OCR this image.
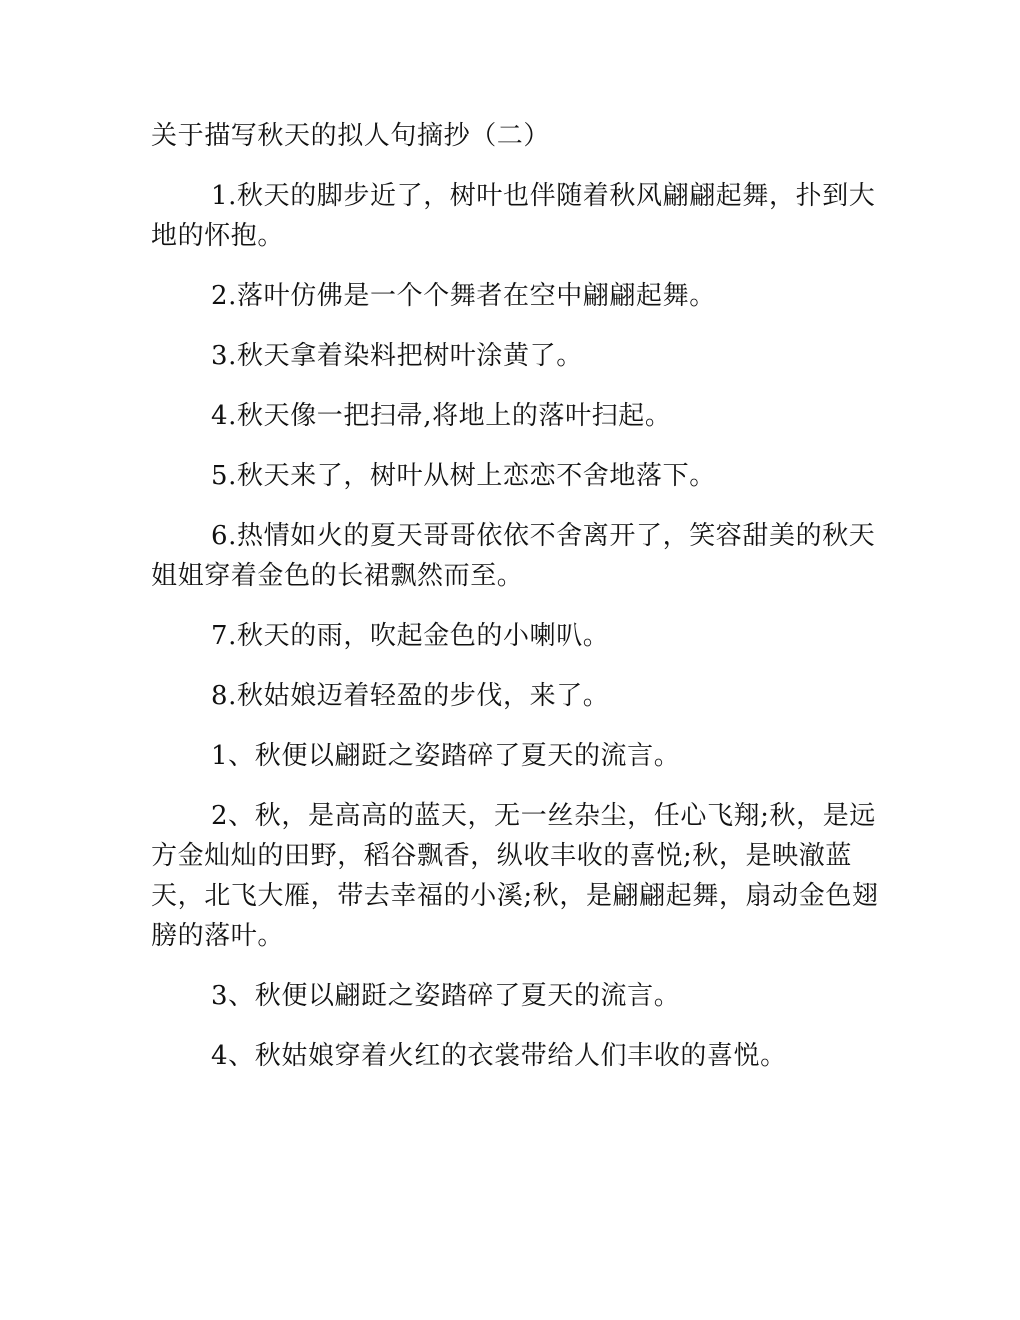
关于描写秋天的拟人句摘抄（二）

1.秋天的脚步近了，树叶也伴随着秋风翩翩起舞，扑到大地的怀抱。

2.落叶仿佛是一个个舞者在空中翩翩起舞。

3.秋天拿着染料把树叶涂黄了。

4.秋天像一把扫帚,将地上的落叶扫起。

5.秋天来了，树叶从树上恋恋不舍地落下。

6.热情如火的夏天哥哥依依不舍离开了，笑容甜美的秋天姐姐穿着金色的长裙飘然而至。

7.秋天的雨，吹起金色的小喇叭。

8.秋姑娘迈着轻盈的步伐，来了。

1、秋便以翩跹之姿踏碎了夏天的流言。

2、秋，是高高的蓝天，无一丝杂尘，任心飞翔;秋，是远方金灿灿的田野，稻谷飘香，纵收丰收的喜悦;秋，是映澈蓝天，北飞大雁，带去幸福的小溪;秋，是翩翩起舞，扇动金色翅膀的落叶。

3、秋便以翩跹之姿踏碎了夏天的流言。

4、秋姑娘穿着火红的衣裳带给人们丰收的喜悦。
